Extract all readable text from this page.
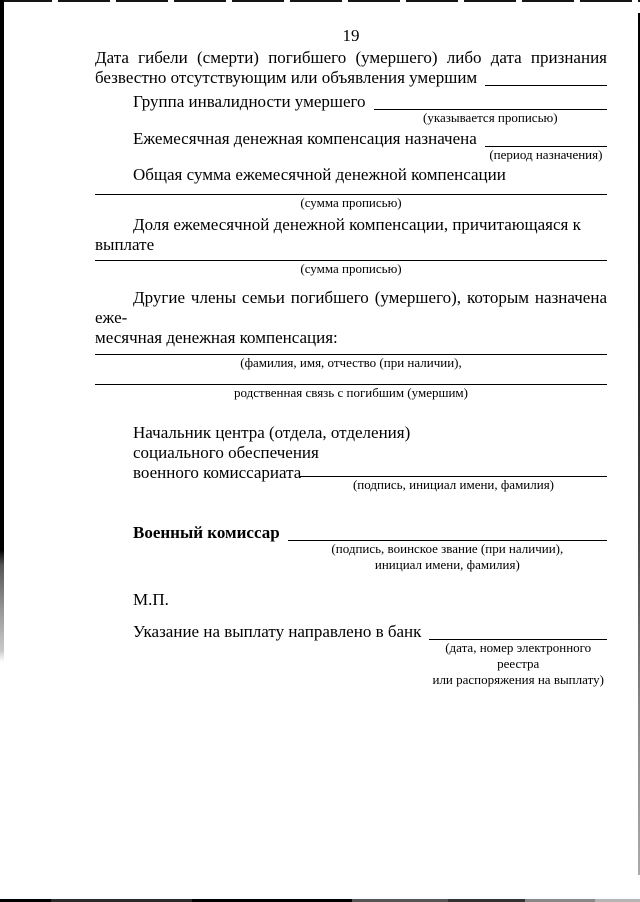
19
Дата гибели (смерти) погибшего (умершего) либо дата признания
безвестно отсутствующим или объявления умершим
Группа инвалидности умершего
(указывается прописью)
Ежемесячная денежная компенсация назначена
(период назначения)
Общая сумма ежемесячной денежной компенсации
(сумма прописью)
Доля ежемесячной денежной компенсации, причитающаяся к выплате
(сумма прописью)
Другие члены семьи погибшего (умершего), которым назначена еже-
месячная денежная компенсация:
(фамилия, имя, отчество (при наличии),
родственная связь с погибшим (умершим)
Начальник центра (отдела, отделения)
социального обеспечения
военного комиссариата
(подпись, инициал имени, фамилия)
Военный комиссар
(подпись, воинское звание (при наличии),
инициал имени, фамилия)
М.П.
Указание на выплату направлено в банк
(дата, номер электронного реестра
или распоряжения на выплату)
